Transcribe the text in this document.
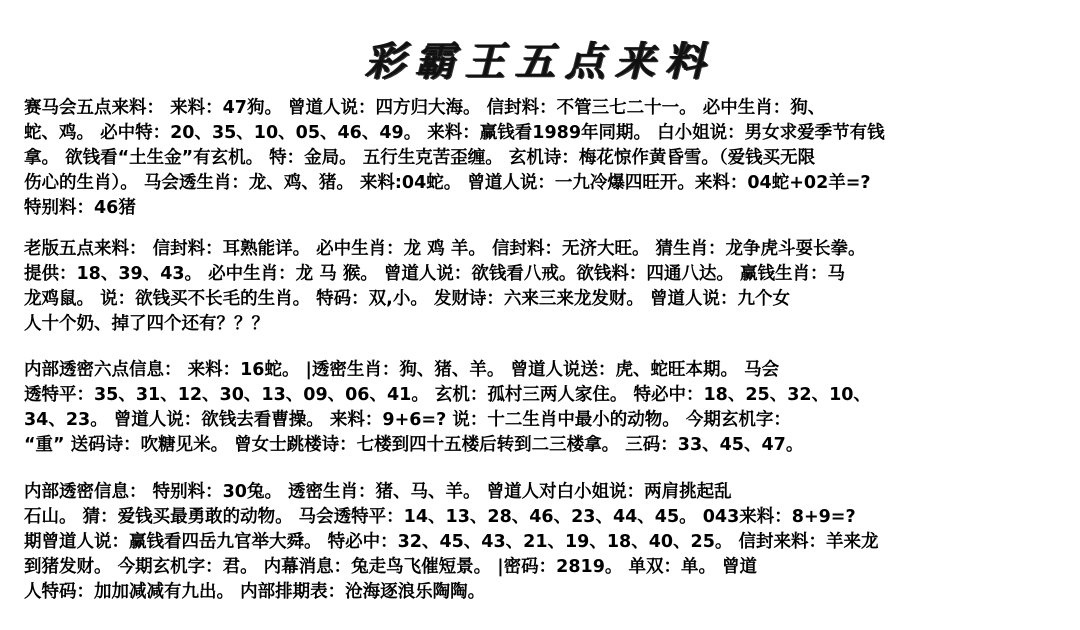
彩霸王五点来料
赛马会五点来料： 来料：47狗。 曾道人说：四方归大海。 信封料：不管三七二十一。 必中生肖：狗、
蛇、鸡。 必中特：20、35、10、05、46、49。 来料：赢钱看1989年同期。 白小姐说：男女求爱季节有钱
拿。 欲钱看“土生金”有玄机。 特：金局。 五行生克苦歪缠。 玄机诗：梅花惊作黄昏雪。（爱钱买无限
伤心的生肖）。 马会透生肖：龙、鸡、猪。 来料:04蛇。 曾道人说：一九冷爆四旺开。来料：04蛇+02羊=?
特别料：46猪
老版五点来料： 信封料：耳熟能详。 必中生肖：龙 鸡 羊。 信封料：无济大旺。 猜生肖：龙争虎斗耍长拳。
提供：18、39、43。 必中生肖：龙 马 猴。 曾道人说：欲钱看八戒。欲钱料：四通八达。 赢钱生肖：马
龙鸡鼠。 说：欲钱买不长毛的生肖。 特码：双,小。 发财诗：六来三来龙发财。 曾道人说：九个女
人十个奶、掉了四个还有？？？
内部透密六点信息： 来料：16蛇。 |透密生肖：狗、猪、羊。 曾道人说送：虎、蛇旺本期。 马会
透特平：35、31、12、30、13、09、06、41。 玄机：孤村三两人家住。 特必中：18、25、32、10、
34、23。 曾道人说：欲钱去看曹操。 来料：9+6=? 说：十二生肖中最小的动物。 今期玄机字：
“重” 送码诗：吹糖见米。 曾女士跳楼诗：七楼到四十五楼后转到二三楼拿。 三码：33、45、47。
内部透密信息： 特别料：30兔。 透密生肖：猪、马、羊。 曾道人对白小姐说：两肩挑起乱
石山。 猜：爱钱买最勇敢的动物。 马会透特平：14、13、28、46、23、44、45。 043来料：8+9=?
期曾道人说：赢钱看四岳九官举大舜。 特必中：32、45、43、21、19、18、40、25。 信封来料：羊来龙
到猪发财。 今期玄机字：君。 内幕消息：兔走鸟飞催短景。 |密码：2819。 单双：单。 曾道
人特码：加加减减有九出。 内部排期表：沧海逐浪乐陶陶。
